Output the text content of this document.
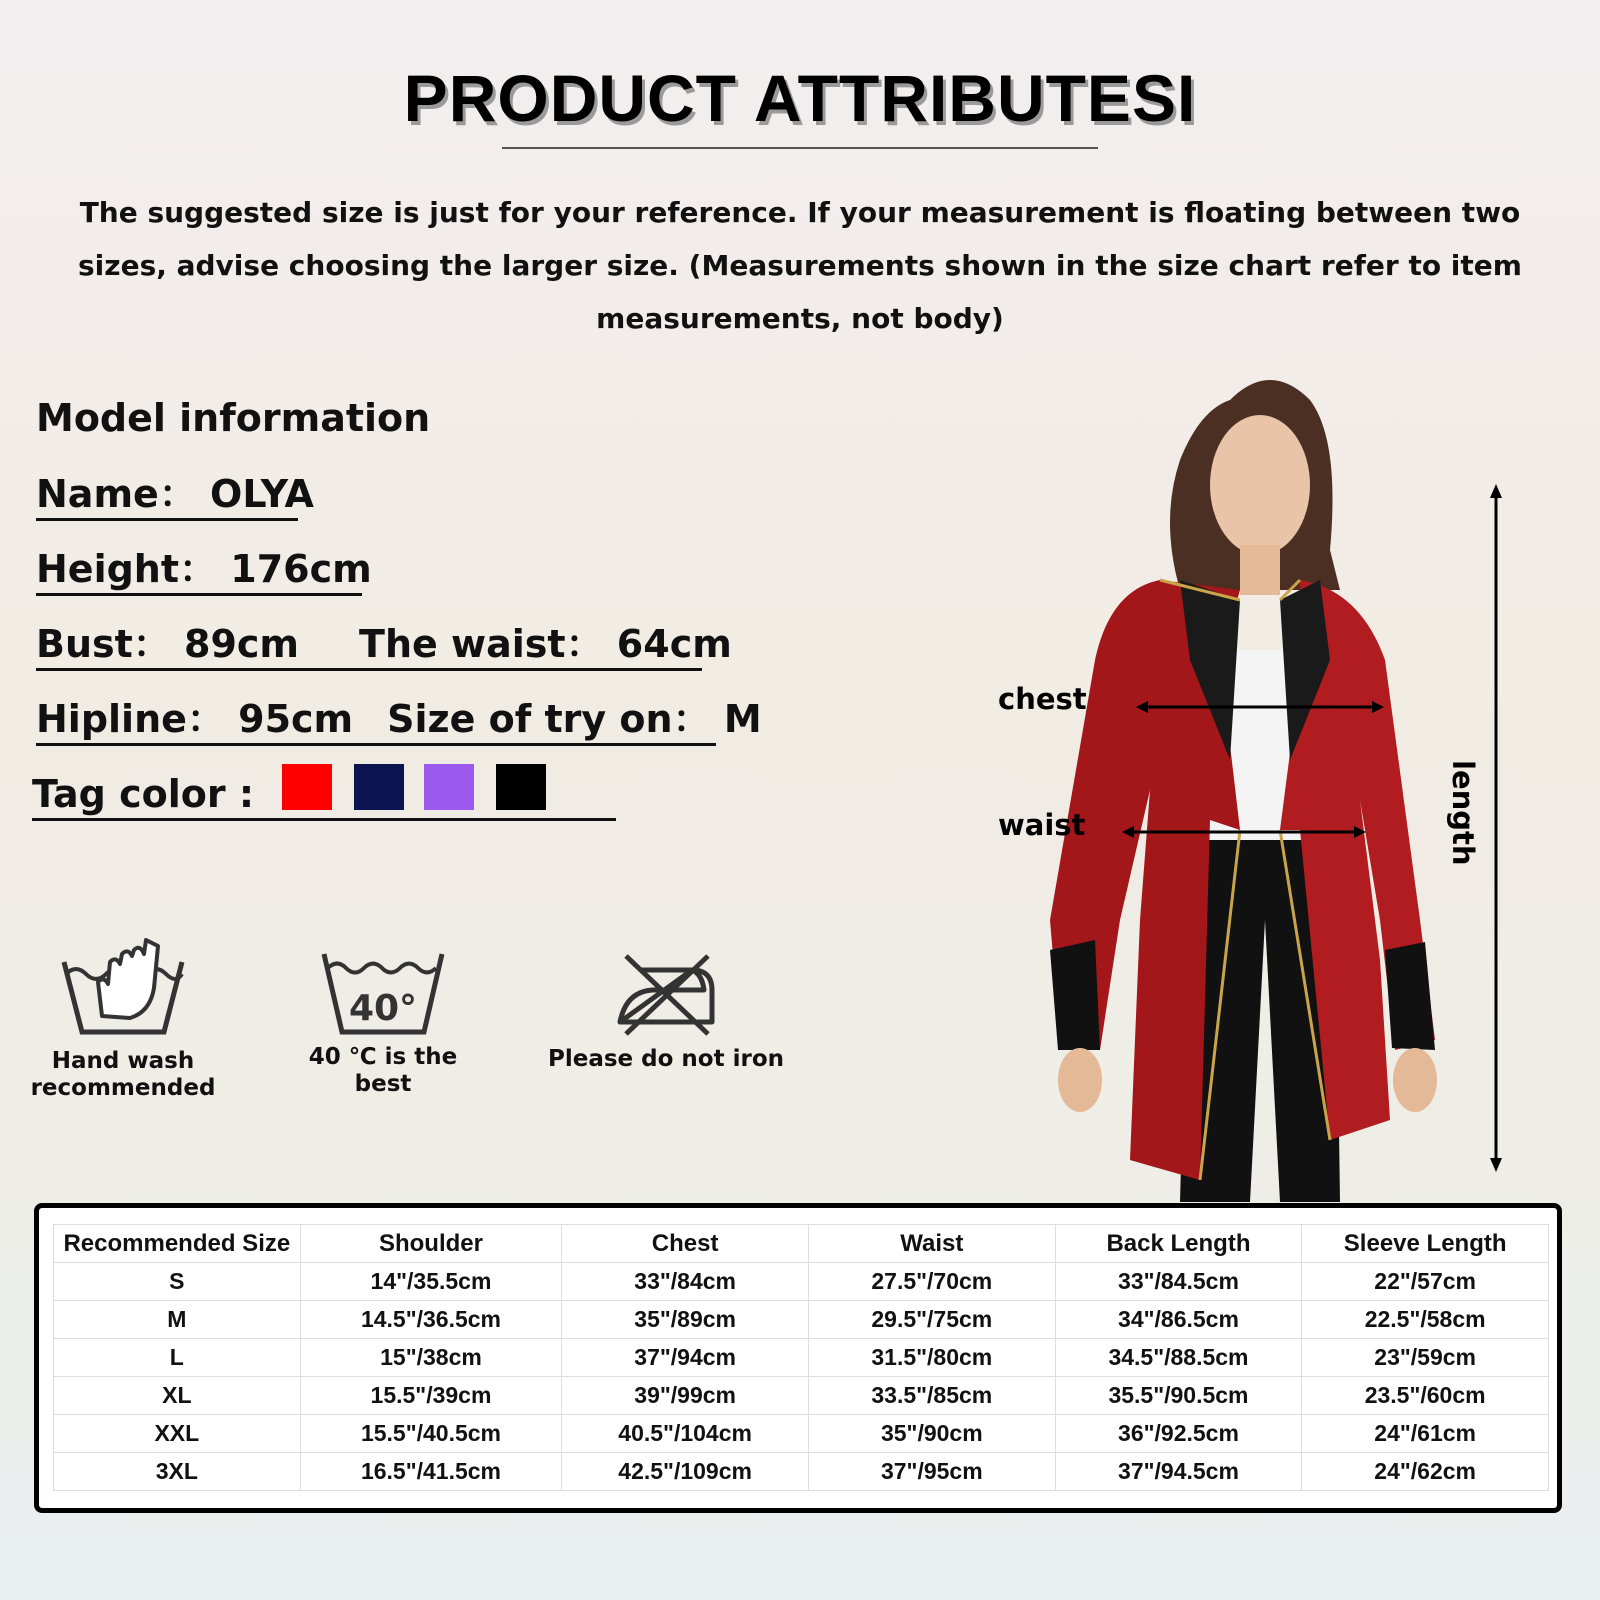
PRODUCT ATTRIBUTESI
The suggested size is just for your reference. If your measurement is floating between two sizes, advise choosing the larger size. (Measurements shown in the size chart refer to item measurements, not body)
Model information
Name： OLYA
Height： 176cm
Bust： 89cm The waist： 64cm
Hipline： 95cm Size of try on： M
Tag color :
Hand wash recommended
40°
40 ℃ is the best
Please do not iron
chest
waist	length
Recommended Size	Shoulder	Chest	Waist	Back Length	Sleeve Length
S	14"/35.5cm	33"/84cm	27.5"/70cm	33"/84.5cm	22"/57cm
M	14.5"/36.5cm	35"/89cm	29.5"/75cm	34"/86.5cm	22.5"/58cm
L	15"/38cm	37"/94cm	31.5"/80cm	34.5"/88.5cm	23"/59cm
XL	15.5"/39cm	39"/99cm	33.5"/85cm	35.5"/90.5cm	23.5"/60cm
XXL	15.5"/40.5cm	40.5"/104cm	35"/90cm	36"/92.5cm	24"/61cm
3XL	16.5"/41.5cm	42.5"/109cm	37"/95cm	37"/94.5cm	24"/62cm
